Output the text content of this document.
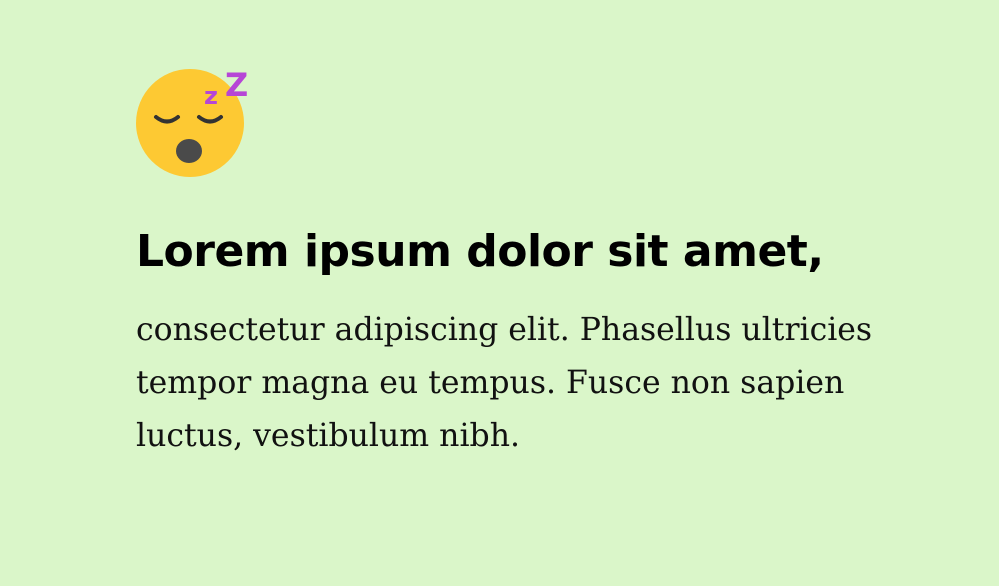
z Z
Lorem ipsum dolor sit amet,

consectetur adipiscing elit. Phasellus ultricies tempor magna eu tempus. Fusce non sapien luctus, vestibulum nibh.
